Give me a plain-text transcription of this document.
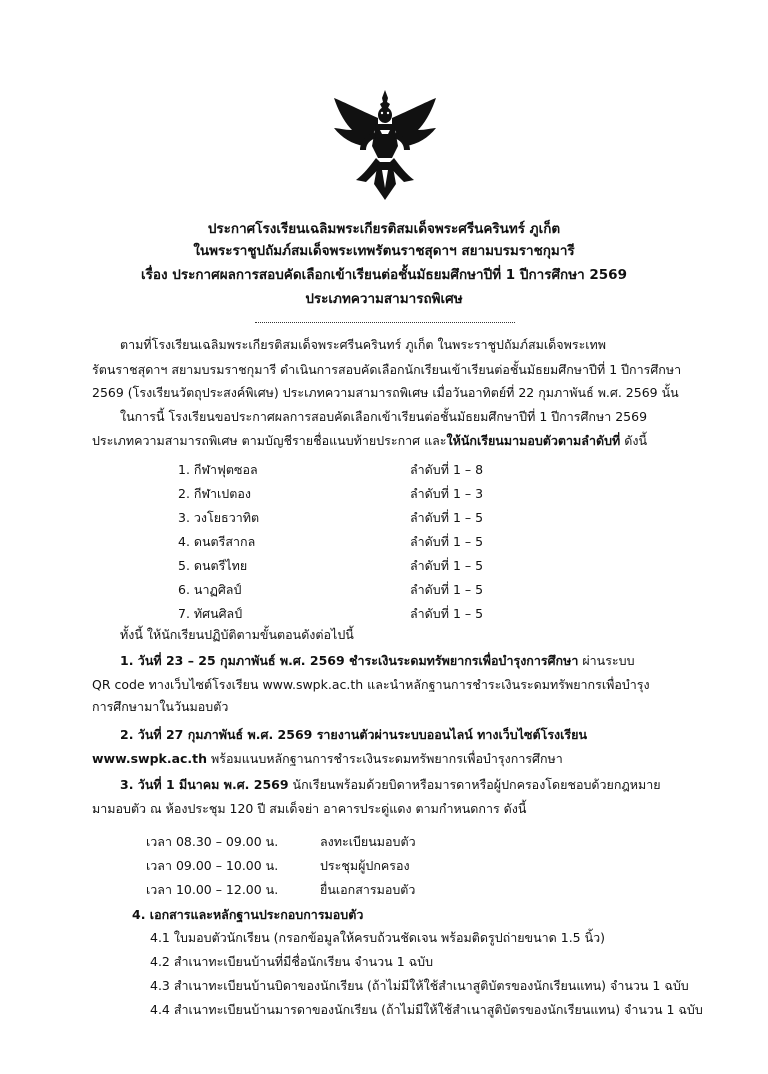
ประกาศโรงเรียนเฉลิมพระเกียรติสมเด็จพระศรีนครินทร์ ภูเก็ต
ในพระราชูปถัมภ์สมเด็จพระเทพรัตนราชสุดาฯ สยามบรมราชกุมารี
เรื่อง ประกาศผลการสอบคัดเลือกเข้าเรียนต่อชั้นมัธยมศึกษาปีที่ 1 ปีการศึกษา 2569
ประเภทความสามารถพิเศษ
ตามที่โรงเรียนเฉลิมพระเกียรติสมเด็จพระศรีนครินทร์ ภูเก็ต ในพระราชูปถัมภ์สมเด็จพระเทพ
รัตนราชสุดาฯ สยามบรมราชกุมารี ดำเนินการสอบคัดเลือกนักเรียนเข้าเรียนต่อชั้นมัธยมศึกษาปีที่ 1 ปีการศึกษา
2569 (โรงเรียนวัตถุประสงค์พิเศษ) ประเภทความสามารถพิเศษ เมื่อวันอาทิตย์ที่ 22 กุมภาพันธ์ พ.ศ. 2569 นั้น
ในการนี้ โรงเรียนขอประกาศผลการสอบคัดเลือกเข้าเรียนต่อชั้นมัธยมศึกษาปีที่ 1 ปีการศึกษา 2569
ประเภทความสามารถพิเศษ ตามบัญชีรายชื่อแนบท้ายประกาศ และให้นักเรียนมามอบตัวตามลำดับที่ ดังนี้
1. กีฬาฟุตซอล	ลำดับที่ 1 – 8
2. กีฬาเปตอง	ลำดับที่ 1 – 3
3. วงโยธวาทิต	ลำดับที่ 1 – 5
4. ดนตรีสากล	ลำดับที่ 1 – 5
5. ดนตรีไทย	ลำดับที่ 1 – 5
6. นาฏศิลป์	ลำดับที่ 1 – 5
7. ทัศนศิลป์	ลำดับที่ 1 – 5
ทั้งนี้ ให้นักเรียนปฏิบัติตามขั้นตอนดังต่อไปนี้
1. วันที่ 23 – 25 กุมภาพันธ์ พ.ศ. 2569 ชำระเงินระดมทรัพยากรเพื่อบำรุงการศึกษา ผ่านระบบ
QR code ทางเว็บไซต์โรงเรียน www.swpk.ac.th และนำหลักฐานการชำระเงินระดมทรัพยากรเพื่อบำรุง
การศึกษามาในวันมอบตัว
2. วันที่ 27 กุมภาพันธ์ พ.ศ. 2569 รายงานตัวผ่านระบบออนไลน์ ทางเว็บไซต์โรงเรียน
www.swpk.ac.th พร้อมแนบหลักฐานการชำระเงินระดมทรัพยากรเพื่อบำรุงการศึกษา
3. วันที่ 1 มีนาคม พ.ศ. 2569 นักเรียนพร้อมด้วยบิดาหรือมารดาหรือผู้ปกครองโดยชอบด้วยกฎหมาย
มามอบตัว ณ ห้องประชุม 120 ปี สมเด็จย่า อาคารประดู่แดง ตามกำหนดการ ดังนี้
เวลา 08.30 – 09.00 น.	ลงทะเบียนมอบตัว
เวลา 09.00 – 10.00 น.	ประชุมผู้ปกครอง
เวลา 10.00 – 12.00 น.	ยื่นเอกสารมอบตัว
4. เอกสารและหลักฐานประกอบการมอบตัว
4.1 ใบมอบตัวนักเรียน (กรอกข้อมูลให้ครบถ้วนชัดเจน พร้อมติดรูปถ่ายขนาด 1.5 นิ้ว)
4.2 สำเนาทะเบียนบ้านที่มีชื่อนักเรียน จำนวน 1 ฉบับ
4.3 สำเนาทะเบียนบ้านบิดาของนักเรียน (ถ้าไม่มีให้ใช้สำเนาสูติบัตรของนักเรียนแทน) จำนวน 1 ฉบับ
4.4 สำเนาทะเบียนบ้านมารดาของนักเรียน (ถ้าไม่มีให้ใช้สำเนาสูติบัตรของนักเรียนแทน) จำนวน 1 ฉบับ
